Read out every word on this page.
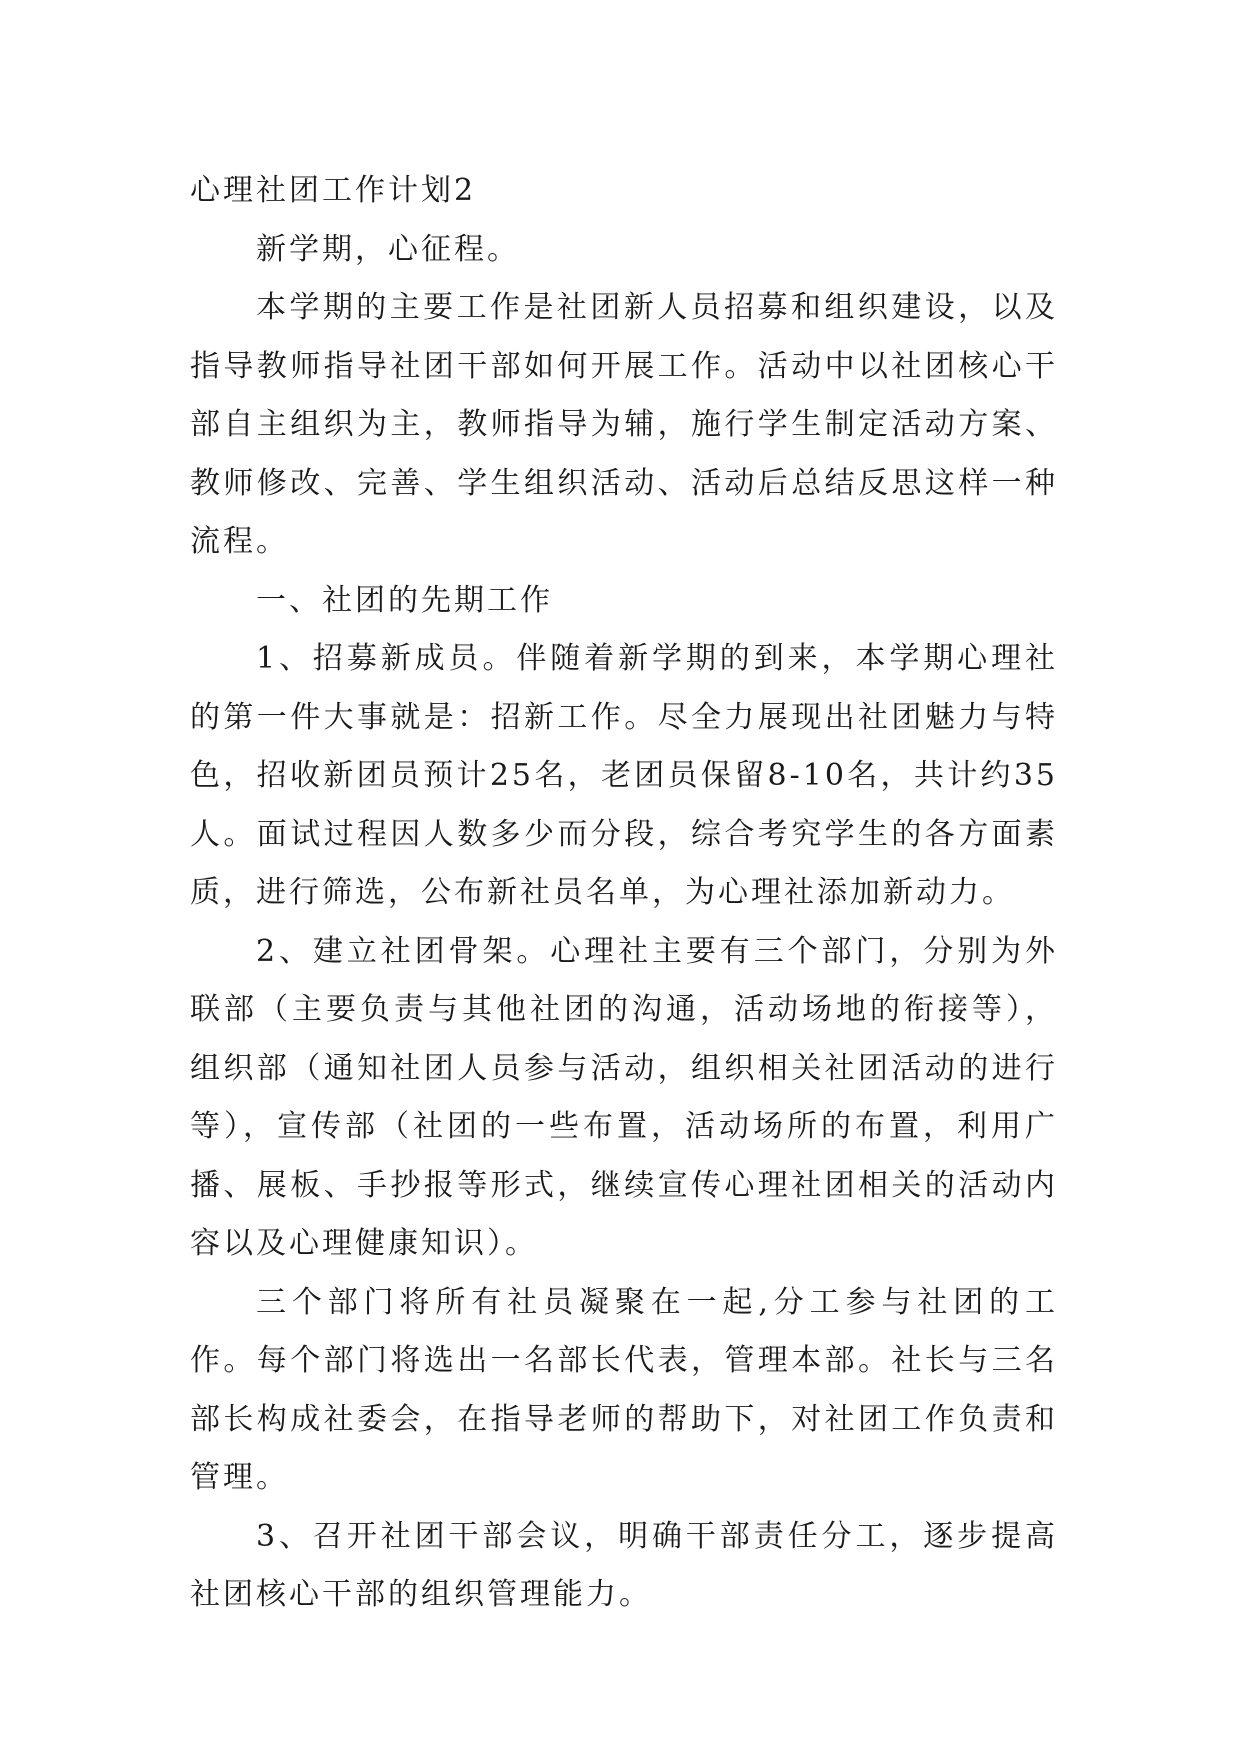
心理社团工作计划2

新学期，心征程。

本学期的主要工作是社团新人员招募和组织建设，以及指导教师指导社团干部如何开展工作。活动中以社团核心干部自主组织为主，教师指导为辅，施行学生制定活动方案、教师修改、完善、学生组织活动、活动后总结反思这样一种流程。

一、社团的先期工作

1、招募新成员。伴随着新学期的到来，本学期心理社的第一件大事就是：招新工作。尽全力展现出社团魅力与特色，招收新团员预计25名，老团员保留8-10名，共计约35人。面试过程因人数多少而分段，综合考究学生的各方面素质，进行筛选，公布新社员名单，为心理社添加新动力。

2、建立社团骨架。心理社主要有三个部门，分别为外联部（主要负责与其他社团的沟通，活动场地的衔接等），组织部（通知社团人员参与活动，组织相关社团活动的进行等），宣传部（社团的一些布置，活动场所的布置，利用广播、展板、手抄报等形式，继续宣传心理社团相关的活动内容以及心理健康知识）。

三个部门将所有社员凝聚在一起,分工参与社团的工作。每个部门将选出一名部长代表，管理本部。社长与三名部长构成社委会，在指导老师的帮助下，对社团工作负责和管理。

3、召开社团干部会议，明确干部责任分工，逐步提高社团核心干部的组织管理能力。
